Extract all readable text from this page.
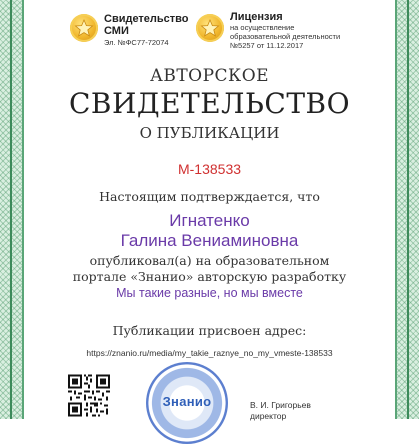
Свидетельство
СМИ
Эл. №ФС77-72074
Лицензия
на осуществление
образовательной деятельности
№5257 от 11.12.2017
АВТОРСКОЕ
СВИДЕТЕЛЬСТВО
О ПУБЛИКАЦИИ
М-138533
Настоящим подтверждается, что
Игнатенко
Галина Вениаминовна
опубликовал(а) на образовательном
портале «Знанио» авторскую разработку
Мы такие разные, но мы вместе
Публикации присвоен адрес:
https://znanio.ru/media/my_takie_raznye_no_my_vmeste-138533
Знанио	В. И. Григорьев
директор
